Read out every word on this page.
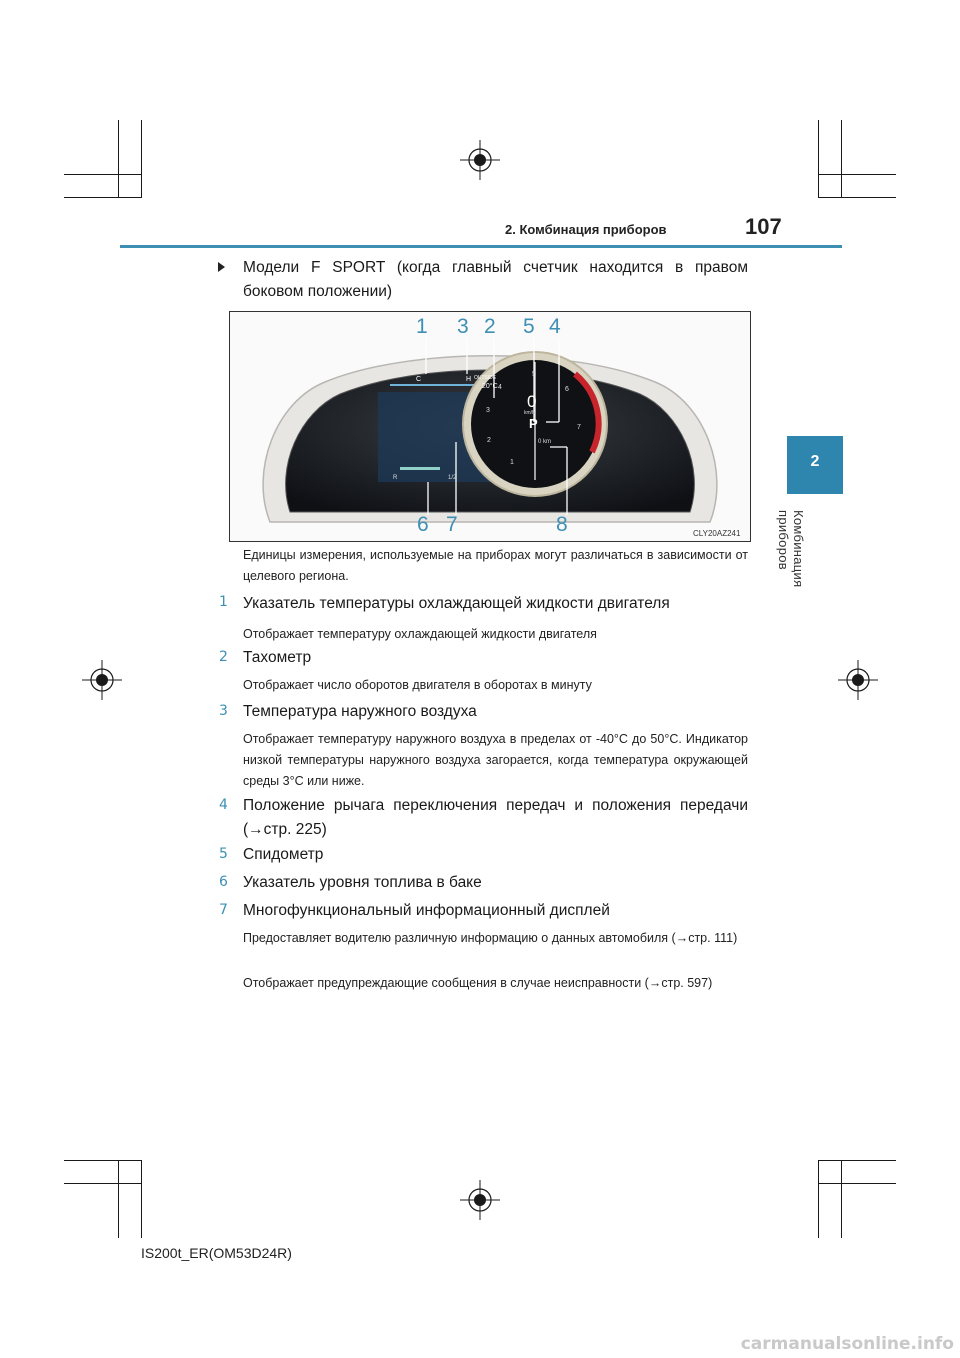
2. Комбинация приборов	107
2
Комбинация приборов
Модели F SPORT (когда главный счетчик находится в правом боковом положении)
C	H OUTSIDE
20°C
0
km/h
P
1
2
3
4
5
6
7
R	1/2
0 km
1 3 2 5 4
6 7	8	CLY20AZ241
Единицы измерения, используемые на приборах могут различаться в зависимости от целевого региона.
1 Указатель температуры охлаждающей жидкости двигателя
Отображает температуру охлаждающей жидкости двигателя
2 Тахометр
Отображает число оборотов двигателя в оборотах в минуту
3 Температура наружного воздуха
Отображает температуру наружного воздуха в пределах от -40°C до 50°C. Индикатор низкой температуры наружного воздуха загорается, когда температура окружающей среды 3°C или ниже.
4 Положение рычага переключения передач и положения передачи (→стр. 225)
5 Спидометр
6 Указатель уровня топлива в баке
7 Многофункциональный информационный дисплей
Предоставляет водителю различную информацию о данных автомобиля (→стр. 111)
Отображает предупреждающие сообщения в случае неисправности (→стр. 597)
IS200t_ER(OM53D24R)
carmanualsonline.info
